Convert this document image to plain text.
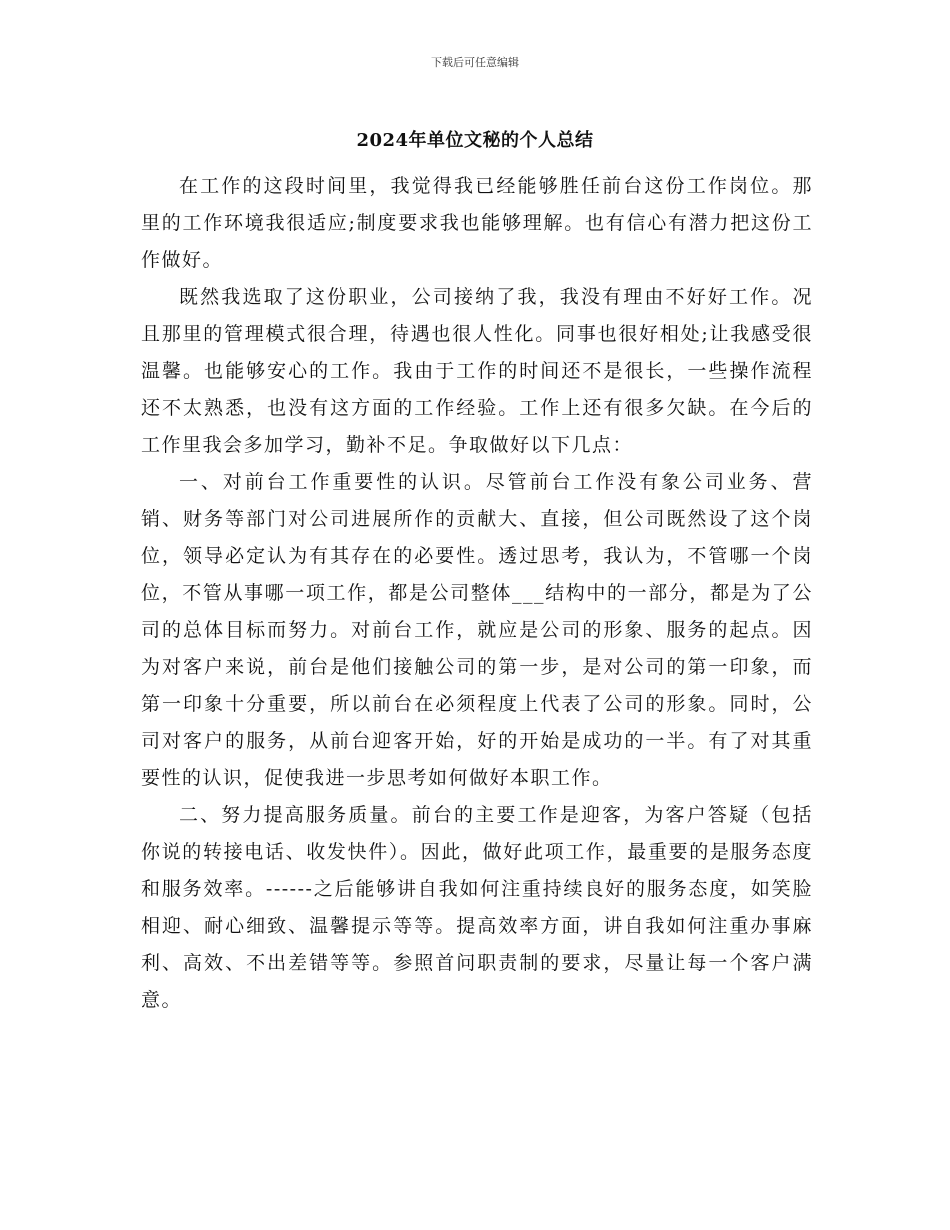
下载后可任意编辑
2024年单位文秘的个人总结

在工作的这段时间里，我觉得我已经能够胜任前台这份工作岗位。那里的工作环境我很适应;制度要求我也能够理解。也有信心有潜力把这份工作做好。

既然我选取了这份职业，公司接纳了我，我没有理由不好好工作。况且那里的管理模式很合理，待遇也很人性化。同事也很好相处;让我感受很温馨。也能够安心的工作。我由于工作的时间还不是很长，一些操作流程还不太熟悉，也没有这方面的工作经验。工作上还有很多欠缺。在今后的工作里我会多加学习，勤补不足。争取做好以下几点：

一、对前台工作重要性的认识。尽管前台工作没有象公司业务、营销、财务等部门对公司进展所作的贡献大、直接，但公司既然设了这个岗位，领导必定认为有其存在的必要性。透过思考，我认为，不管哪一个岗位，不管从事哪一项工作，都是公司整体___结构中的一部分，都是为了公司的总体目标而努力。对前台工作，就应是公司的形象、服务的起点。因为对客户来说，前台是他们接触公司的第一步，是对公司的第一印象，而第一印象十分重要，所以前台在必须程度上代表了公司的形象。同时，公司对客户的服务，从前台迎客开始，好的开始是成功的一半。有了对其重要性的认识，促使我进一步思考如何做好本职工作。

二、努力提高服务质量。前台的主要工作是迎客，为客户答疑（包括你说的转接电话、收发快件）。因此，做好此项工作，最重要的是服务态度和服务效率。------之后能够讲自我如何注重持续良好的服务态度，如笑脸相迎、耐心细致、温馨提示等等。提高效率方面，讲自我如何注重办事麻利、高效、不出差错等等。参照首问职责制的要求，尽量让每一个客户满意。
